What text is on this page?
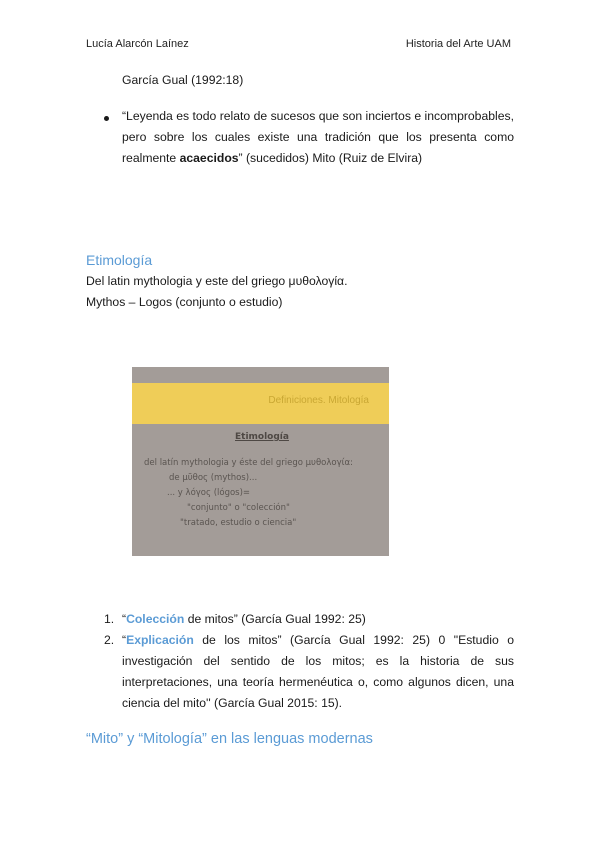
Lucía Alarcón Laínez	Historia del Arte UAM
García Gual (1992:18)
“Leyenda es todo relato de sucesos que son inciertos e incomprobables, pero sobre los cuales existe una tradición que los presenta como realmente acaecidos” (sucedidos) Mito (Ruiz de Elvira)
Etimología
Del latin mythologia y este del griego μυθολογία.
Mythos – Logos (conjunto o estudio)
Definiciones. Mitología
Etimología
del latín mythologia y éste del griego μυθολογία:
de μῦθος (mythos)...
... y λόγος (lógos)=
"conjunto" o "colección"
"tratado, estudio o ciencia"
1. “Colección de mitos” (García Gual 1992: 25)
2. “Explicación de los mitos” (García Gual 1992: 25) 0 "Estudio o investigación del sentido de los mitos; es la historia de sus interpretaciones, una teoría hermenéutica o, como algunos dicen, una ciencia del mito'' (García Gual 2015: 15).
“Mito” y “Mitología” en las lenguas modernas
